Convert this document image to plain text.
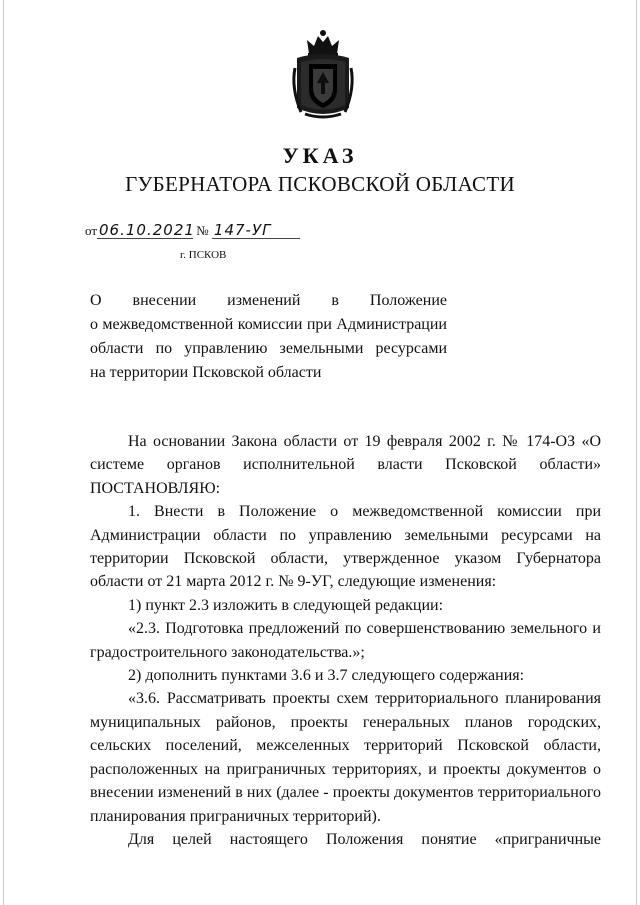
УКАЗ
ГУБЕРНАТОРА ПСКОВСКОЙ ОБЛАСТИ
от 06.10.2021 № 147-УГ
г. ПСКОВ
О внесении изменений в Положение
о межведомственной комиссии при Администрации
области по управлению земельными ресурсами
на территории Псковской области

На основании Закона области от 19 февраля 2002 г. № 174-ОЗ «О системе органов исполнительной власти Псковской области» ПОСТАНОВЛЯЮ:

1. Внести в Положение о межведомственной комиссии при Администрации области по управлению земельными ресурсами на территории Псковской области, утвержденное указом Губернатора области от 21 марта 2012 г. № 9-УГ, следующие изменения:

1) пункт 2.3 изложить в следующей редакции:

«2.3. Подготовка предложений по совершенствованию земельного и градостроительного законодательства.»;

2) дополнить пунктами 3.6 и 3.7 следующего содержания:

«3.6. Рассматривать проекты схем территориального планирования муниципальных районов, проекты генеральных планов городских, сельских поселений, межселенных территорий Псковской области, расположенных на приграничных территориях, и проекты документов о внесении изменений в них (далее - проекты документов территориального планирования приграничных территорий).

Для целей настоящего Положения понятие «приграничные
